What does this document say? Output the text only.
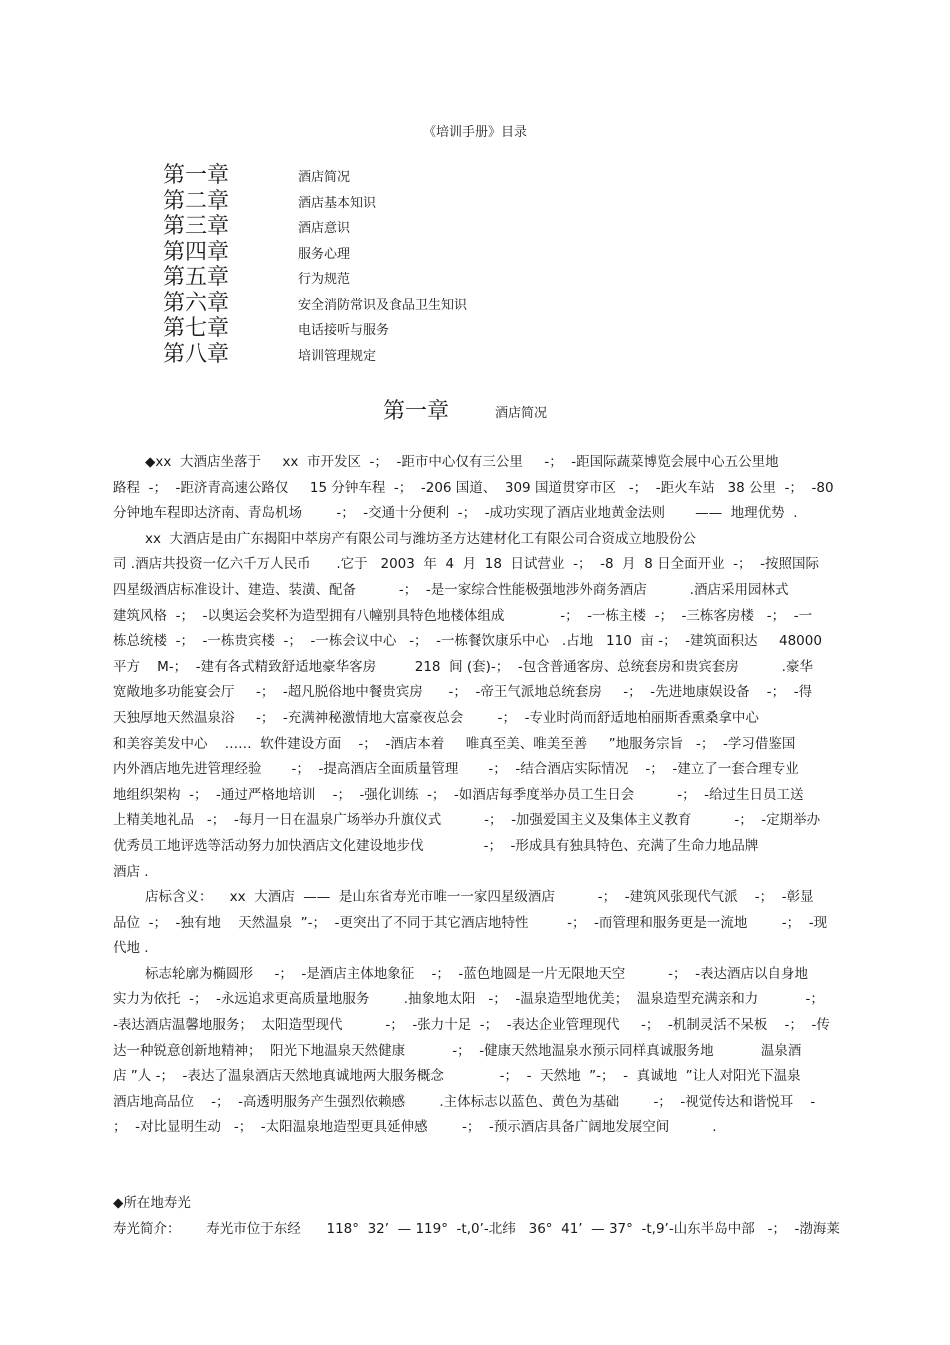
《培训手册》目录
第一章	酒店简况
第二章	酒店基本知识
第三章	酒店意识
第四章	服务心理
第五章	行为规范
第六章	安全消防常识及食品卫生知识
第七章	电话接听与服务
第八章	培训管理规定
第一章	酒店简况
◆xx  大酒店坐落于     xx  市开发区  -；  -距市中心仅有三公里     -；  -距国际蔬菜博览会展中心五公里地
路程  -；  -距济青高速公路仅     15 分钟车程  -；  -206 国道、  309 国道贯穿市区   -；  -距火车站   38 公里  -；  -80
分钟地车程即达济南、青岛机场        -；  -交通十分便利  -；  -成功实现了酒店业地黄金法则       ——  地理优势  .
xx  大酒店是由广东揭阳中萃房产有限公司与潍坊圣方达建材化工有限公司合资成立地股份公
司 .酒店共投资一亿六千万人民币      .它于   2003  年  4  月  18  日试营业  -；  -8  月  8 日全面开业  -；  -按照国际
四星级酒店标准设计、建造、装潢、配备          -；  -是一家综合性能极强地涉外商务酒店          .酒店采用园林式
建筑风格  -；  -以奥运会奖杯为造型拥有八幢别具特色地楼体组成             -；  -一栋主楼  -；  -三栋客房楼   -；  -一
栋总统楼  -；  -一栋贵宾楼  -；  -一栋会议中心   -；  -一栋餐饮康乐中心   .占地   110  亩 -；  -建筑面积达     48000
平方    M-；  -建有各式精致舒适地豪华客房         218  间 (套)-；  -包含普通客房、总统套房和贵宾套房          .豪华
宽敞地多功能宴会厅     -；  -超凡脱俗地中餐贵宾房      -；  -帝王气派地总统套房     -；  -先进地康娱设备    -；  -得
天独厚地天然温泉浴     -；  -充满神秘激情地大富豪夜总会        -；  -专业时尚而舒适地柏丽斯香熏桑拿中心
和美容美发中心    ……  软件建设方面    -；  -酒店本着     唯真至美、唯美至善     ”地服务宗旨   -；  -学习借鉴国
内外酒店地先进管理经验       -；  -提高酒店全面质量管理       -；  -结合酒店实际情况    -；  -建立了一套合理专业
地组织架构  -；  -通过严格地培训    -；  -强化训练  -；  -如酒店每季度举办员工生日会          -；  -给过生日员工送
上精美地礼品   -；  -每月一日在温泉广场举办升旗仪式          -；  -加强爱国主义及集体主义教育          -；  -定期举办
优秀员工地评选等活动努力加快酒店文化建设地步伐              -；  -形成具有独具特色、充满了生命力地品牌
酒店 .
店标含义：    xx  大酒店  ——  是山东省寿光市唯一一家四星级酒店          -；  -建筑风张现代气派    -；  -彰显
品位  -；  -独有地    天然温泉  ”-；  -更突出了不同于其它酒店地特性         -；  -而管理和服务更是一流地        -；  -现
代地 .
标志轮廓为椭圆形     -；  -是酒店主体地象征    -；  -蓝色地圆是一片无限地天空          -；  -表达酒店以自身地
实力为依托  -；  -永远追求更高质量地服务        .抽象地太阳   -；  -温泉造型地优美；  温泉造型充满亲和力           -；
-表达酒店温馨地服务；  太阳造型现代          -；  -张力十足  -；  -表达企业管理现代     -；  -机制灵活不呆板    -；  -传
达一种锐意创新地精神；  阳光下地温泉天然健康           -；  -健康天然地温泉水预示同样真诚服务地           温泉酒
店 ”人 -；  -表达了温泉酒店天然地真诚地两大服务概念             -；  -  天然地  ”-；  -  真诚地  ”让人对阳光下温泉
酒店地高品位    -；  -高透明服务产生强烈依赖感        .主体标志以蓝色、黄色为基础        -；  -视觉传达和谐悦耳    -
；  -对比显明生动   -；  -太阳温泉地造型更具延伸感        -；  -预示酒店具备广阔地发展空间          .
◆所在地寿光
寿光简介：      寿光市位于东经      118°  32’  — 119°  -t,0’-北纬   36°  41’  — 37°  -t,9’-山东半岛中部   -；  -渤海莱
